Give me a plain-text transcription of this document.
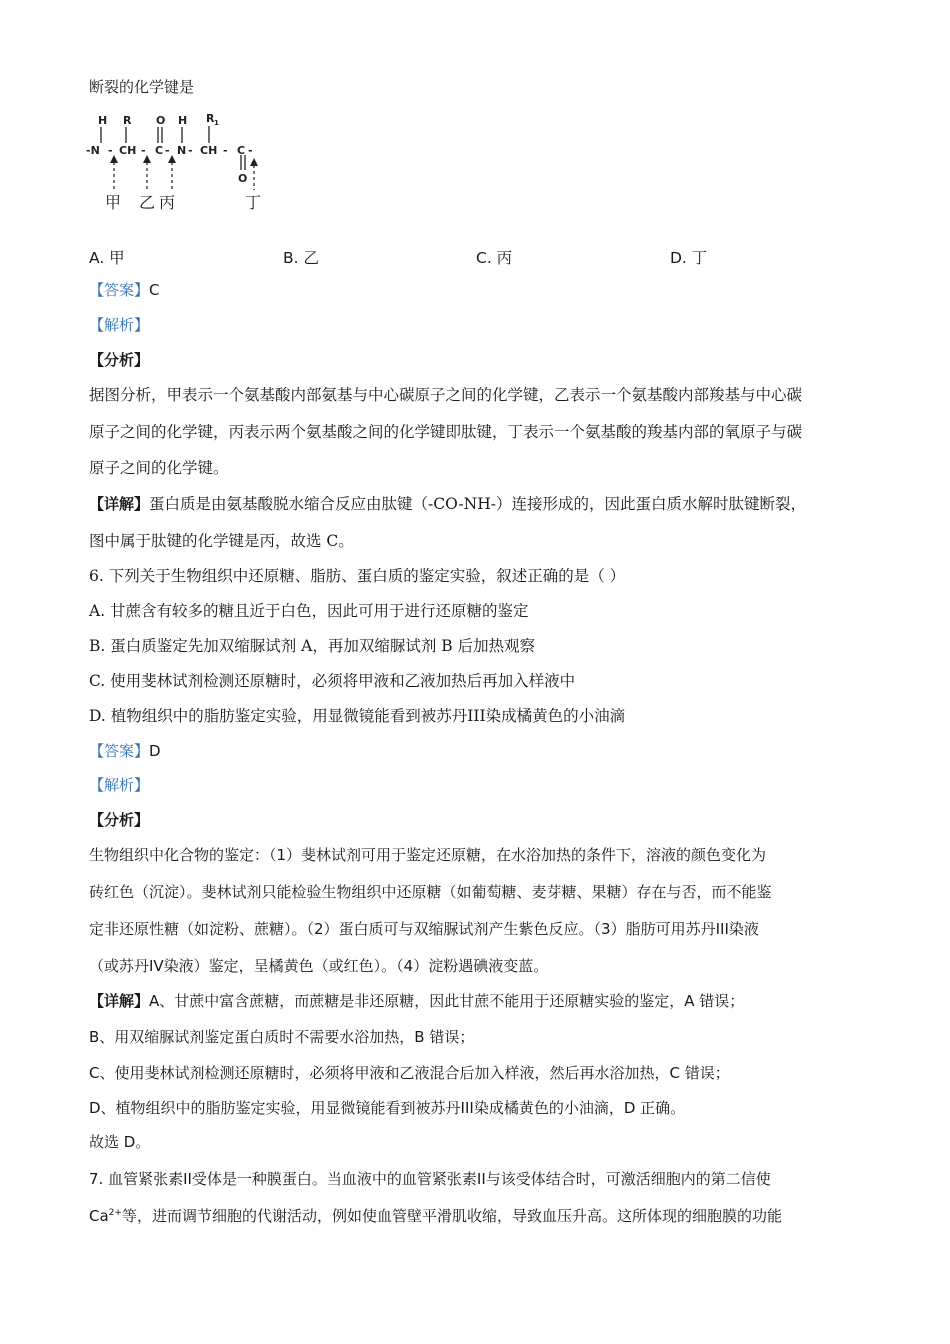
断裂的化学键是
H R O H R 1
-N - CH - C - N - CH - C -
O
甲 乙 丙	丁
A. 甲	B. 乙	C. 丙	D. 丁
【答案】C
【解析】
【分析】
据图分析，甲表示一个氨基酸内部氨基与中心碳原子之间的化学键，乙表示一个氨基酸内部羧基与中心碳
原子之间的化学键，丙表示两个氨基酸之间的化学键即肽键，丁表示一个氨基酸的羧基内部的氧原子与碳
原子之间的化学键。
【详解】蛋白质是由氨基酸脱水缩合反应由肽键（-CO-NH-）连接形成的，因此蛋白质水解时肽键断裂，
图中属于肽键的化学键是丙，故选 C。
6. 下列关于生物组织中还原糖、脂肪、蛋白质的鉴定实验，叙述正确的是（ ）
A. 甘蔗含有较多的糖且近于白色，因此可用于进行还原糖的鉴定
B. 蛋白质鉴定先加双缩脲试剂 A，再加双缩脲试剂 B 后加热观察
C. 使用斐林试剂检测还原糖时，必须将甲液和乙液加热后再加入样液中
D. 植物组织中的脂肪鉴定实验，用显微镜能看到被苏丹III染成橘黄色的小油滴
【答案】D
【解析】
【分析】
生物组织中化合物的鉴定：（1）斐林试剂可用于鉴定还原糖，在水浴加热的条件下，溶液的颜色变化为
砖红色（沉淀）。斐林试剂只能检验生物组织中还原糖（如葡萄糖、麦芽糖、果糖）存在与否，而不能鉴
定非还原性糖（如淀粉、蔗糖）。（2）蛋白质可与双缩脲试剂产生紫色反应。（3）脂肪可用苏丹III染液
（或苏丹IV染液）鉴定，呈橘黄色（或红色）。（4）淀粉遇碘液变蓝。
【详解】A、甘蔗中富含蔗糖，而蔗糖是非还原糖，因此甘蔗不能用于还原糖实验的鉴定，A 错误；
B、用双缩脲试剂鉴定蛋白质时不需要水浴加热，B 错误；
C、使用斐林试剂检测还原糖时，必须将甲液和乙液混合后加入样液，然后再水浴加热，C 错误；
D、植物组织中的脂肪鉴定实验，用显微镜能看到被苏丹III染成橘黄色的小油滴，D 正确。
故选 D。
7. 血管紧张素II受体是一种膜蛋白。当血液中的血管紧张素II与该受体结合时，可激活细胞内的第二信使
$Ca^{2+}$等，进而调节细胞的代谢活动，例如使血管壁平滑肌收缩，导致血压升高。这所体现的细胞膜的功能
